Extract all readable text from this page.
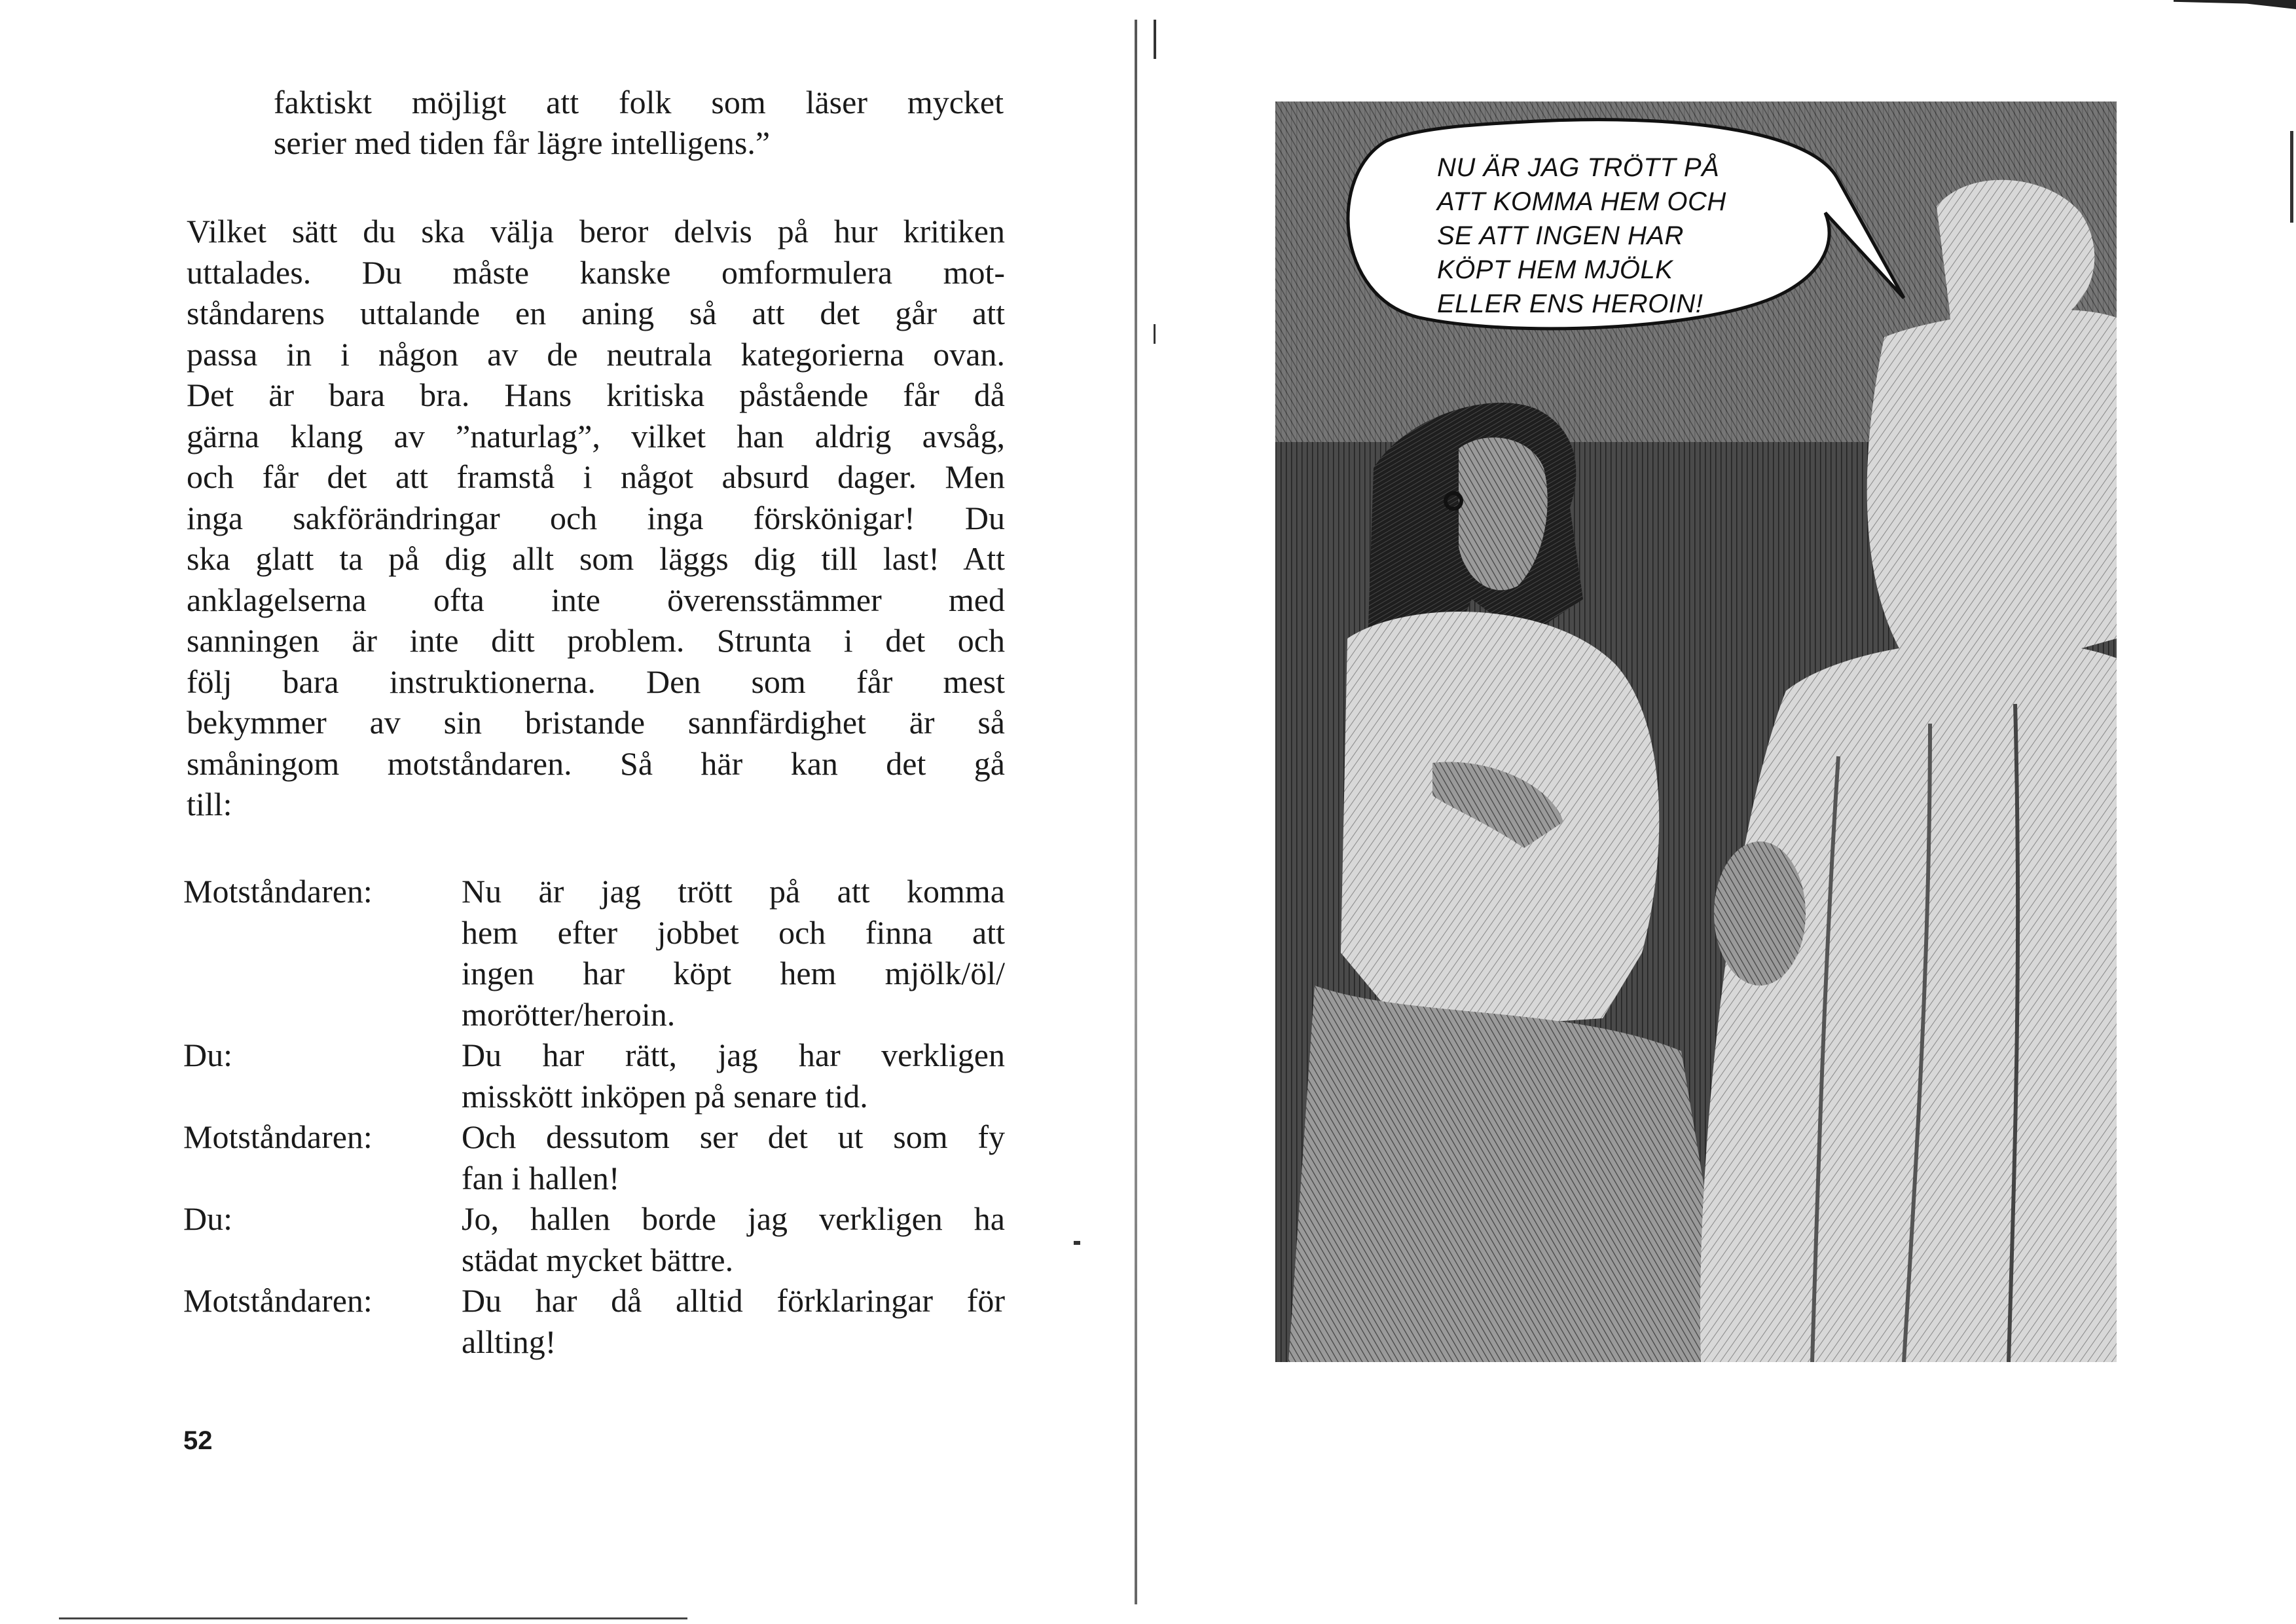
faktiskt möjligt att folk som läser mycket
serier med tiden får lägre intelligens.”
Vilket sätt du ska välja beror delvis på hur kritiken
uttalades. Du måste kanske omformulera mot-
ståndarens uttalande en aning så att det går att
passa in i någon av de neutrala kategorierna ovan.
Det är bara bra. Hans kritiska påstående får då
gärna klang av ”naturlag”, vilket han aldrig avsåg,
och får det att framstå i något absurd dager. Men
inga sakförändringar och inga förskönigar! Du
ska glatt ta på dig allt som läggs dig till last! Att
anklagelserna ofta inte överensstämmer med
sanningen är inte ditt problem. Strunta i det och
följ bara instruktionerna. Den som får mest
bekymmer av sin bristande sannfärdighet är så
småningom motståndaren. Så här kan det gå
till:
Motståndaren:	Nu är jag trött på att komma
hem efter jobbet och finna att
ingen har köpt hem mjölk/öl/
morötter/heroin.
Du:	Du har rätt, jag har verkligen
misskött inköpen på senare tid.
Motståndaren:	Och dessutom ser det ut som fy
fan i hallen!
Du:	Jo, hallen borde jag verkligen ha
städat mycket bättre.
Motståndaren:	Du har då alltid förklaringar för
allting!
52
NU ÄR JAG TRÖTT PÅ
ATT KOMMA HEM OCH
SE ATT INGEN HAR
KÖPT HEM MJÖLK
ELLER ENS HEROIN!
